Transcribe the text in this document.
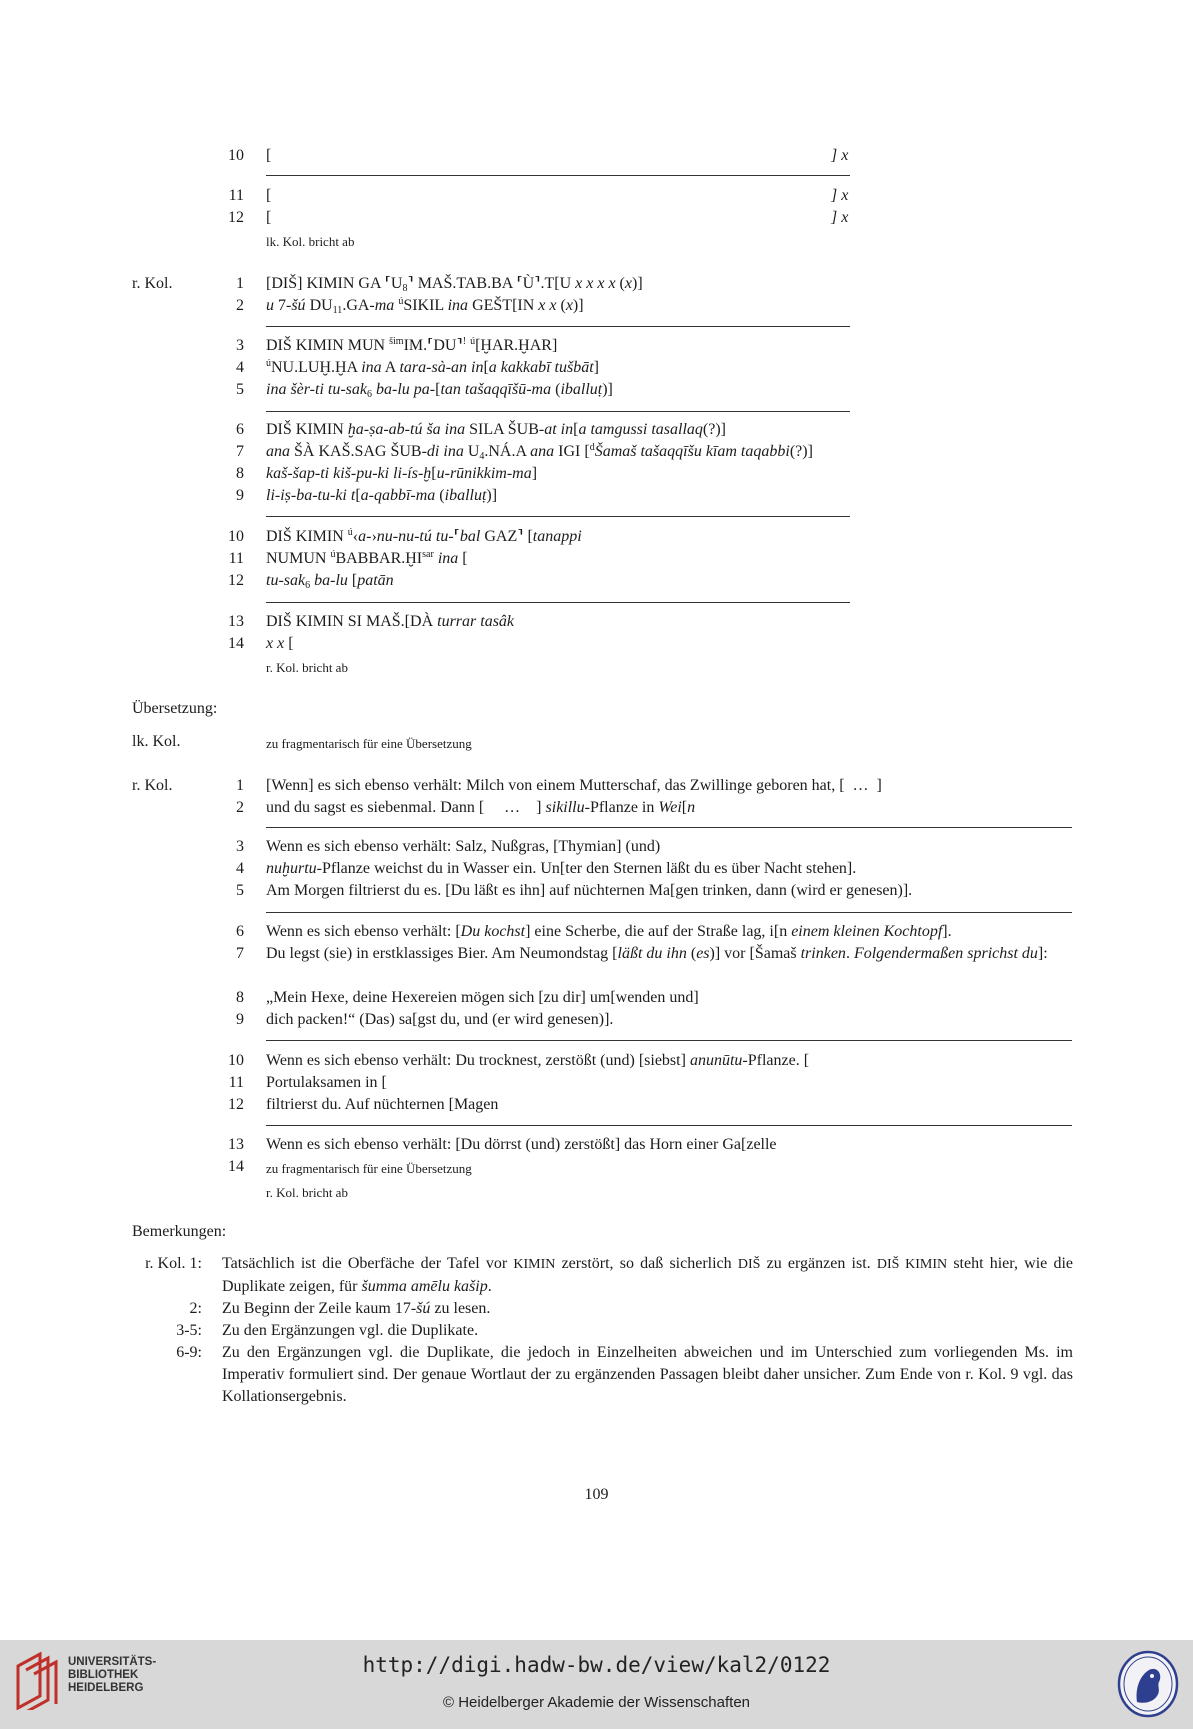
10 [	] x
11 [	] x
12 [	] x
lk. Kol. bricht ab
r. Kol.	1 [DIŠ] KIMIN GA $⸢U_8⸣$ MAŠ.TAB.BA ⸢Ù⸣.T[U x x x x (x)]
2 u 7-šú $DU_{11}.GA-ma$ $^ú$SIKIL ina GEŠT[IN x x (x)]
3 DIŠ KIMIN MUN $^{šim}$IM.⸢DU⸣! $^ú$[ḪAR.ḪAR]
4 $^ú$NU.LUḪ.ḪA ina A tara-sà-an in[a kakkabī tušbāt]
5 ina šèr-ti tu-sak$_6$ ba-lu pa-[tan tašaqqīšū-ma (iballuṭ)]
6 DIŠ KIMIN ḫa-ṣa-ab-tú ša ina SILA ŠUB-at in[a tamgussi tasallaq(?)]
7 ana ŠÀ KAŠ.SAG ŠUB-di ina $U_4.NÁ.A$ ana IGI [$^d$Šamaš tašaqqīšu kīam taqabbi(?)]
8 kaš-šap-ti kiš-pu-ki li-ís-ḫ[u-rūnikkim-ma]
9 li-iṣ-ba-tu-ki t[a-qabbī-ma (iballuṭ)]
10 DIŠ KIMIN $^ú$‹a-›nu-nu-tú tu-⸢bal GAZ⸣ [tanappi
11 NUMUN $^ú$BABBAR.ḪI$^{sar}$ ina [
12 tu-sak$_6$ ba-lu [patān
13 DIŠ KIMIN SI MAŠ.[DÀ turrar tasâk
14 x x [
r. Kol. bricht ab
Übersetzung:
lk. Kol.	zu fragmentarisch für eine Übersetzung
r. Kol.	1 [Wenn] es sich ebenso verhält: Milch von einem Mutterschaf, das Zwillinge geboren hat, [  …  ]
2 und du sagst es siebenmal. Dann [     …    ] sikillu-Pflanze in Wei[n
3 Wenn es sich ebenso verhält: Salz, Nußgras, [Thymian] (und)
4 nuḫurtu-Pflanze weichst du in Wasser ein. Un[ter den Sternen läßt du es über Nacht stehen].
5 Am Morgen filtrierst du es. [Du läßt es ihn] auf nüchternen Ma[gen trinken, dann (wird er genesen)].
6 Wenn es sich ebenso verhält: [Du kochst] eine Scherbe, die auf der Straße lag, i[n einem kleinen Kochtopf].
7 Du legst (sie) in erstklassiges Bier. Am Neumondstag [läßt du ihn (es)] vor [Šamaš trinken. Folgendermaßen sprichst du]:
8 „Mein Hexe, deine Hexereien mögen sich [zu dir] um[wenden und]
9 dich packen!“ (Das) sa[gst du, und (er wird genesen)].
10 Wenn es sich ebenso verhält: Du trocknest, zerstößt (und) [siebst] anunūtu-Pflanze. [
11 Portulaksamen in [
12 filtrierst du. Auf nüchternen [Magen
13 Wenn es sich ebenso verhält: [Du dörrst (und) zerstößt] das Horn einer Ga[zelle
14 zu fragmentarisch für eine Übersetzung
r. Kol. bricht ab
Bemerkungen:
r. Kol. 1: Tatsächlich ist die Oberfäche der Tafel vor KIMIN zerstört, so daß sicherlich DIŠ zu ergänzen ist. DIŠ KIMIN steht hier, wie die Duplikate zeigen, für šumma amēlu kašip.
2: Zu Beginn der Zeile kaum 17-šú zu lesen.
3-5: Zu den Ergänzungen vgl. die Duplikate.
6-9: Zu den Ergänzungen vgl. die Duplikate, die jedoch in Einzelheiten abweichen und im Unterschied zum vorliegenden Ms. im Imperativ formuliert sind. Der genaue Wortlaut der zu ergänzenden Passagen bleibt daher unsicher. Zum Ende von r. Kol. 9 vgl. das Kollationsergebnis.
109
UNIVERSITÄTS-
BIBLIOTHEK
HEIDELBERG
http://digi.hadw-bw.de/view/kal2/0122
© Heidelberger Akademie der Wissenschaften
